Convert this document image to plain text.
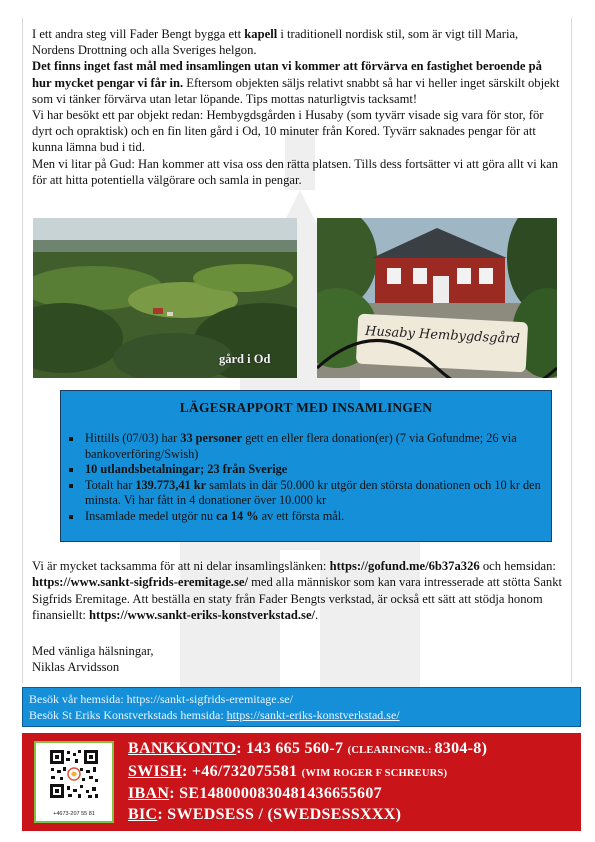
I ett andra steg vill Fader Bengt bygga ett kapell i traditionell nordisk stil, som är vigt till Maria, Nordens Drottning och alla Sveriges helgon.

Det finns inget fast mål med insamlingen utan vi kommer att förvärva en fastighet beroende på hur mycket pengar vi får in. Eftersom objekten säljs relativt snabbt så har vi heller inget särskilt objekt som vi tänker förvärva utan letar löpande. Tips mottas naturligtvis tacksamt!

Vi har besökt ett par objekt redan: Hembygdsgården i Husaby (som tyvärr visade sig vara för stor, för dyrt och opraktisk) och en fin liten gård i Od, 10 minuter från Kored. Tyvärr saknades pengar för att kunna lämna bud i tid.

Men vi litar på Gud: Han kommer att visa oss den rätta platsen. Tills dess fortsätter vi att göra allt vi kan för att hitta potentiella välgörare och samla in pengar.

gård i Od
Husaby Hembygdsgård
LÄGESRAPPORT MED INSAMLINGEN
Hittills (07/03) har 33 personer gett en eller flera donation(er) (7 via Gofundme; 26 via bankoverföring/Swish)
10 utlandsbetalningar; 23 från Sverige
Totalt har 139.773,41 kr samlats in där 50.000 kr utgör den största donationen och 10 kr den minsta. Vi har fått in 4 donationer över 10.000 kr
Insamlade medel utgör nu ca 14 % av ett första mål.

Vi är mycket tacksamma för att ni delar insamlingslänken: https://gofund.me/6b37a326 och hemsidan: https://www.sankt-sigfrids-eremitage.se/ med alla människor som kan vara intresserade att stötta Sankt Sigfrids Eremitage. Att beställa en staty från Fader Bengts verkstad, är också ett sätt att stödja honom finansiellt: https://www.sankt-eriks-konstverkstad.se/.

Med vänliga hälsningar,
Niklas Arvidsson
Besök vår hemsida: https://sankt-sigfrids-eremitage.se/
Besök St Eriks Konstverkstads hemsida: https://sankt-eriks-konstverkstad.se/
+4673-207 55 81
BANKKONTO: 143 665 560-7 (CLEARINGNR.: 8304-8)
SWISH: +46/732075581 (WIM ROGER F SCHREURS)
IBAN: SE1480000830481436655607
BIC: SWEDSESS / (SWEDSESSXXX)
